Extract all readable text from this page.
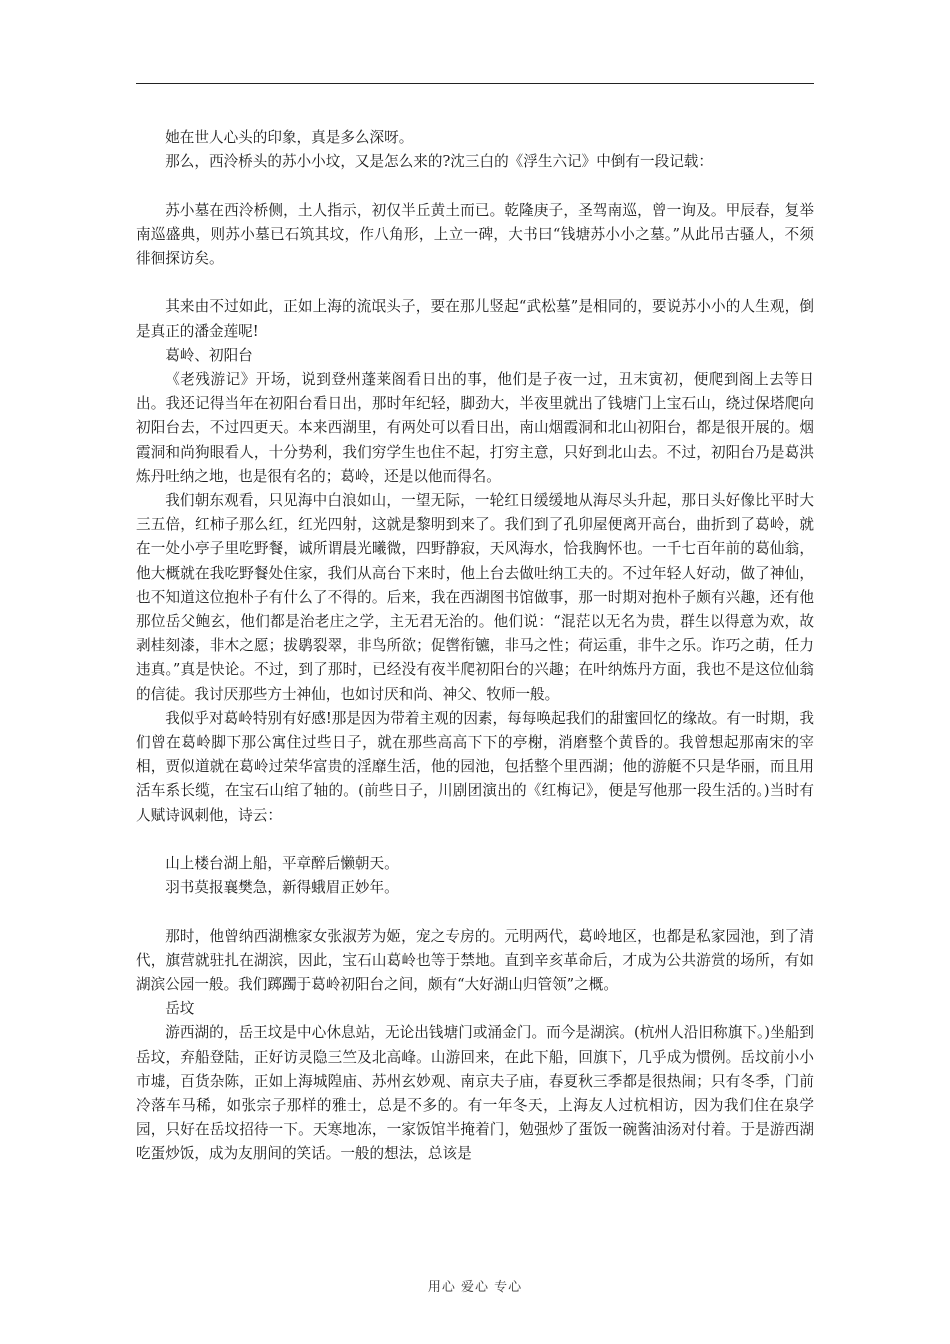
她在世人心头的印象，真是多么深呀。

那么，西泠桥头的苏小小坟，又是怎么来的?沈三白的《浮生六记》中倒有一段记载：

苏小墓在西泠桥侧，土人指示，初仅半丘黄土而已。乾隆庚子，圣驾南巡，曾一询及。甲辰春，复举南巡盛典，则苏小墓已石筑其坟，作八角形，上立一碑，大书曰“钱塘苏小小之墓。”从此吊古骚人，不须徘徊探访矣。

其来由不过如此，正如上海的流氓头子，要在那儿竖起“武松墓”是相同的，要说苏小小的人生观，倒是真正的潘金莲呢!

葛岭、初阳台

《老残游记》开场，说到登州蓬莱阁看日出的事，他们是子夜一过，丑末寅初，便爬到阁上去等日出。我还记得当年在初阳台看日出，那时年纪轻，脚劲大，半夜里就出了钱塘门上宝石山，绕过保塔爬向初阳台去，不过四更天。本来西湖里，有两处可以看日出，南山烟霞洞和北山初阳台，都是很开展的。烟霞洞和尚狗眼看人，十分势利，我们穷学生也住不起，打穷主意，只好到北山去。不过，初阳台乃是葛洪炼丹吐纳之地，也是很有名的；葛岭，还是以他而得名。

我们朝东观看，只见海中白浪如山，一望无际，一轮红日缓缓地从海尽头升起，那日头好像比平时大三五倍，红柿子那么红，红光四射，这就是黎明到来了。我们到了孔卯屋便离开高台，曲折到了葛岭，就在一处小亭子里吃野餐，诚所谓晨光曦微，四野静寂，天风海水，恰我胸怀也。一千七百年前的葛仙翁，他大概就在我吃野餐处住家，我们从高台下来时，他上台去做吐纳工夫的。不过年轻人好动，做了神仙，也不知道这位抱朴子有什么了不得的。后来，我在西湖图书馆做事，那一时期对抱朴子颇有兴趣，还有他那位岳父鲍玄，他们都是治老庄之学，主无君无治的。他们说：“混茫以无名为贵，群生以得意为欢，故剥桂刻漆，非木之愿；拔鹖裂翠，非鸟所欲；促辔衔镳，非马之性；荷运重，非牛之乐。诈巧之萌，任力违真。”真是快论。不过，到了那时，已经没有夜半爬初阳台的兴趣；在叶纳炼丹方面，我也不是这位仙翁的信徒。我讨厌那些方士神仙，也如讨厌和尚、神父、牧师一般。

我似乎对葛岭特别有好感!那是因为带着主观的因素，每每唤起我们的甜蜜回忆的缘故。有一时期，我们曾在葛岭脚下那公寓住过些日子，就在那些高高下下的亭榭，消磨整个黄昏的。我曾想起那南宋的宰相，贾似道就在葛岭过荣华富贵的淫靡生活，他的园池，包括整个里西湖；他的游艇不只是华丽，而且用活车系长缆，在宝石山绾了轴的。(前些日子，川剧团演出的《红梅记》，便是写他那一段生活的。)当时有人赋诗讽刺他，诗云：

山上楼台湖上船，平章醉后懒朝天。

羽书莫报襄樊急，新得蛾眉正妙年。

那时，他曾纳西湖樵家女张淑芳为姬，宠之专房的。元明两代，葛岭地区，也都是私家园池，到了清代，旗营就驻扎在湖滨，因此，宝石山葛岭也等于禁地。直到辛亥革命后，才成为公共游赏的场所，有如湖滨公园一般。我们踯躅于葛岭初阳台之间，颇有“大好湖山归管领”之概。

岳坟

游西湖的，岳王坟是中心休息站，无论出钱塘门或涌金门。而今是湖滨。(杭州人沿旧称旗下。)坐船到岳坟，弃船登陆，正好访灵隐三竺及北高峰。山游回来，在此下船，回旗下，几乎成为惯例。岳坟前小小市墟，百货杂陈，正如上海城隍庙、苏州玄妙观、南京夫子庙，春夏秋三季都是很热闹；只有冬季，门前冷落车马稀，如张宗子那样的雅士，总是不多的。有一年冬天，上海友人过杭相访，因为我们住在泉学园，只好在岳坟招待一下。天寒地冻，一家饭馆半掩着门，勉强炒了蛋饭一碗酱油汤对付着。于是游西湖吃蛋炒饭，成为友朋间的笑话。一般的想法，总该是

用心 爱心 专心
